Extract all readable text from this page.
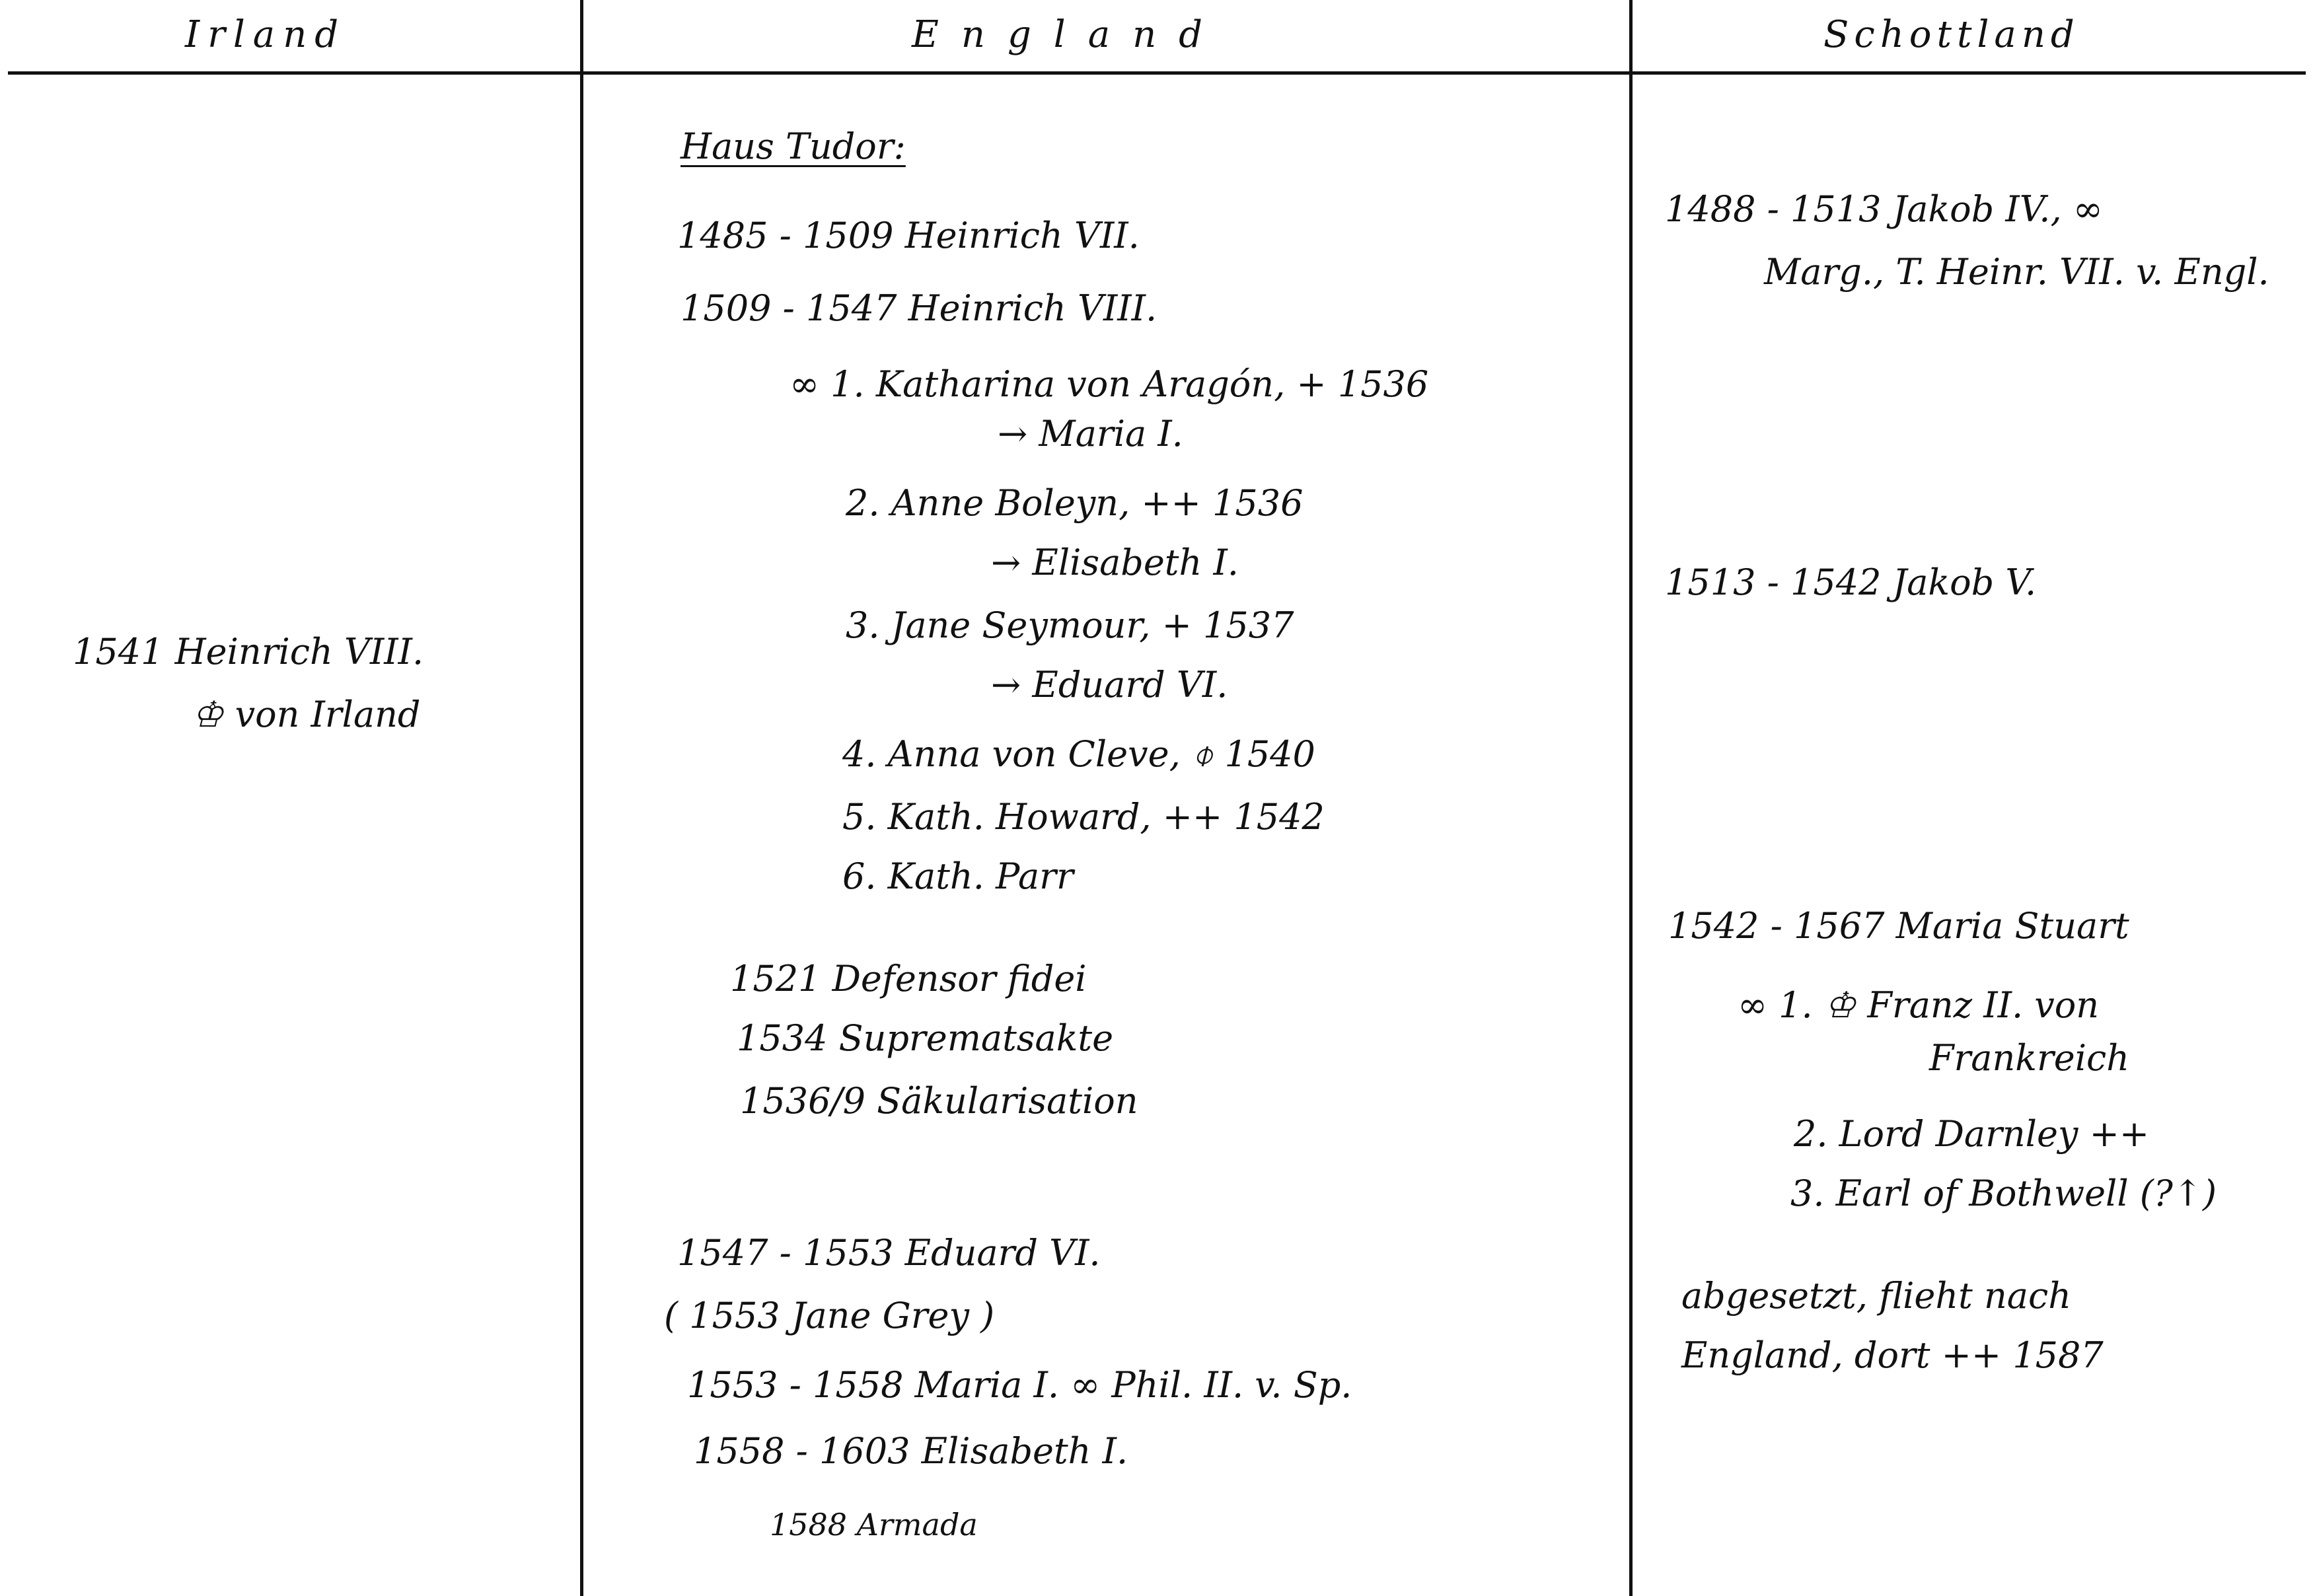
Irland	England	Schottland
1541 Heinrich VIII.
♔ von Irland
Haus Tudor:
1485 - 1509 Heinrich VII.
1509 - 1547 Heinrich VIII.
∞ 1. Katharina von Aragón, + 1536
→ Maria I.
2. Anne Boleyn, ++ 1536
→ Elisabeth I.
3. Jane Seymour, + 1537
→ Eduard VI.
4. Anna von Cleve, ⌽ 1540
5. Kath. Howard, ++ 1542
6. Kath. Parr
1521 Defensor fidei
1534 Suprematsakte
1536/9 Säkularisation
1547 - 1553 Eduard VI.
( 1553 Jane Grey )
1553 - 1558 Maria I. ∞ Phil. II. v. Sp.
1558 - 1603 Elisabeth I.
1588 Armada
1488 - 1513 Jakob IV., ∞
Marg., T. Heinr. VII. v. Engl.
1513 - 1542 Jakob V.
1542 - 1567 Maria Stuart
∞ 1. ♔ Franz II. von
Frankreich
2. Lord Darnley ++
3. Earl of Bothwell (?↑)
abgesetzt, flieht nach
England, dort ++ 1587
